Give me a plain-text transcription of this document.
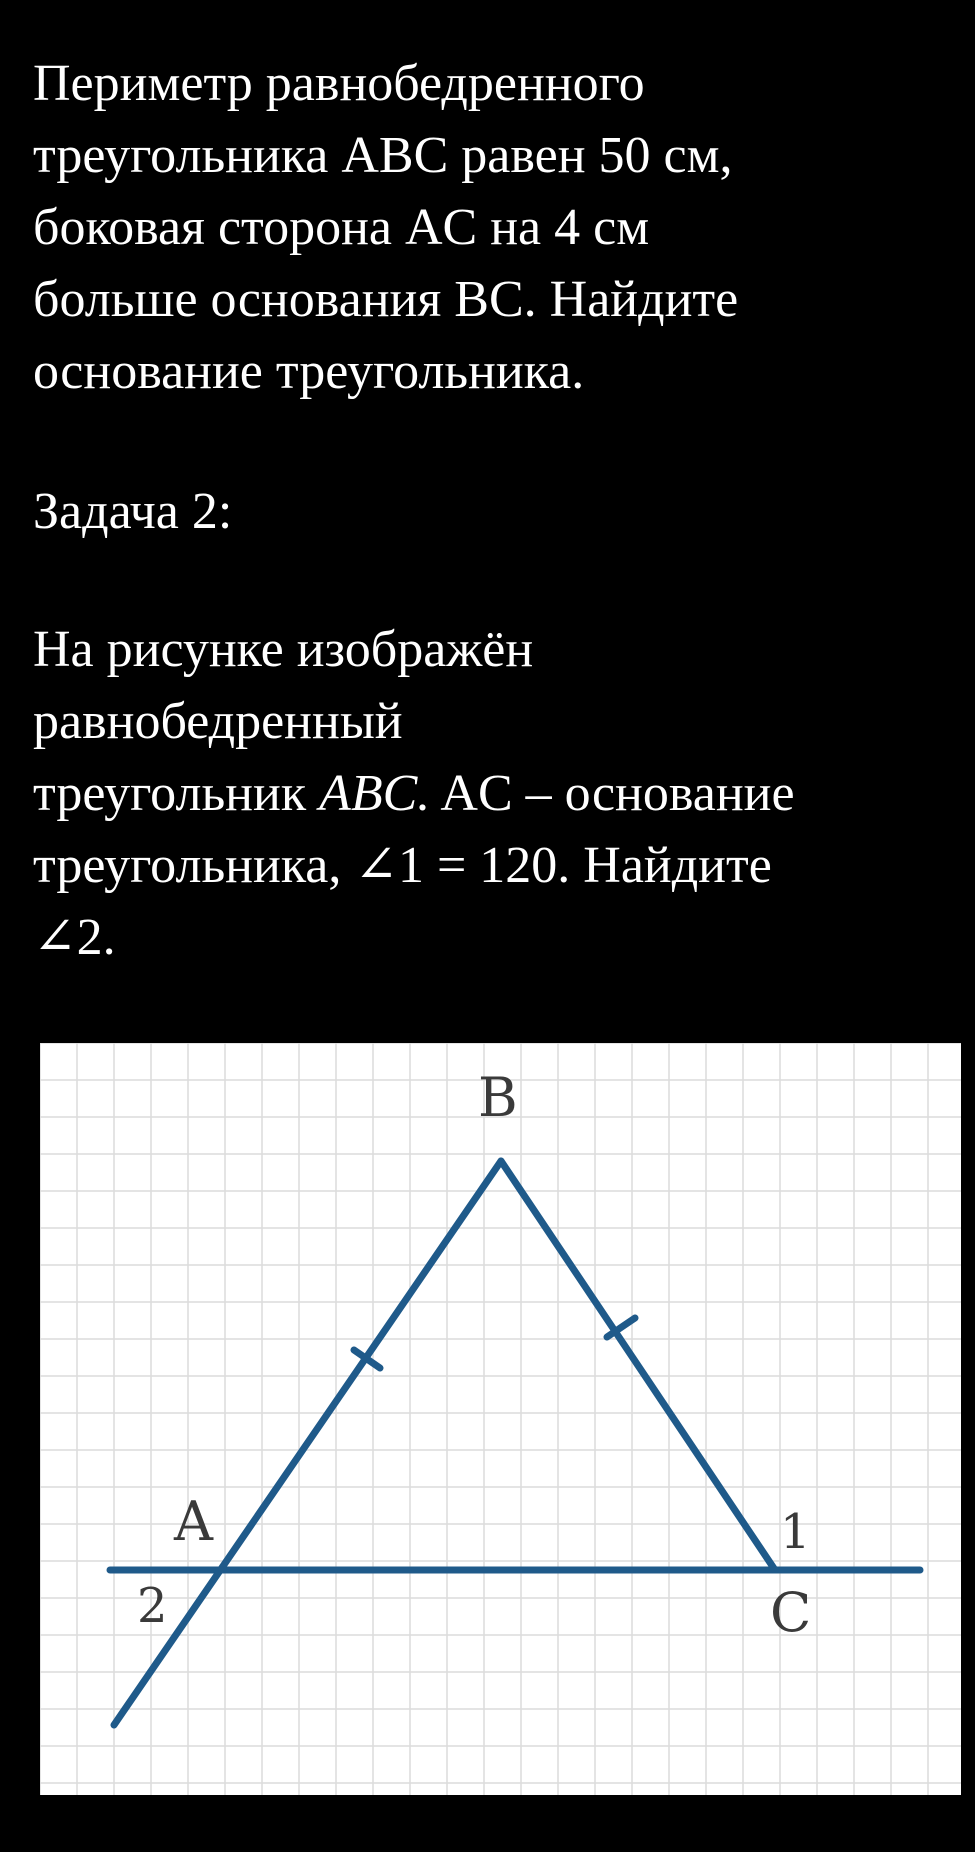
Периметр равнобедренного
треугольника ABC равен 50 см,
боковая сторона AC на 4 см
больше основания BC. Найдите
основание треугольника.
Задача 2:
На рисунке изображён
равнобедренный
треугольник ABC. AC – основание
треугольника, ∠1 = 120. Найдите
∠2.
B
A
C
1
2
